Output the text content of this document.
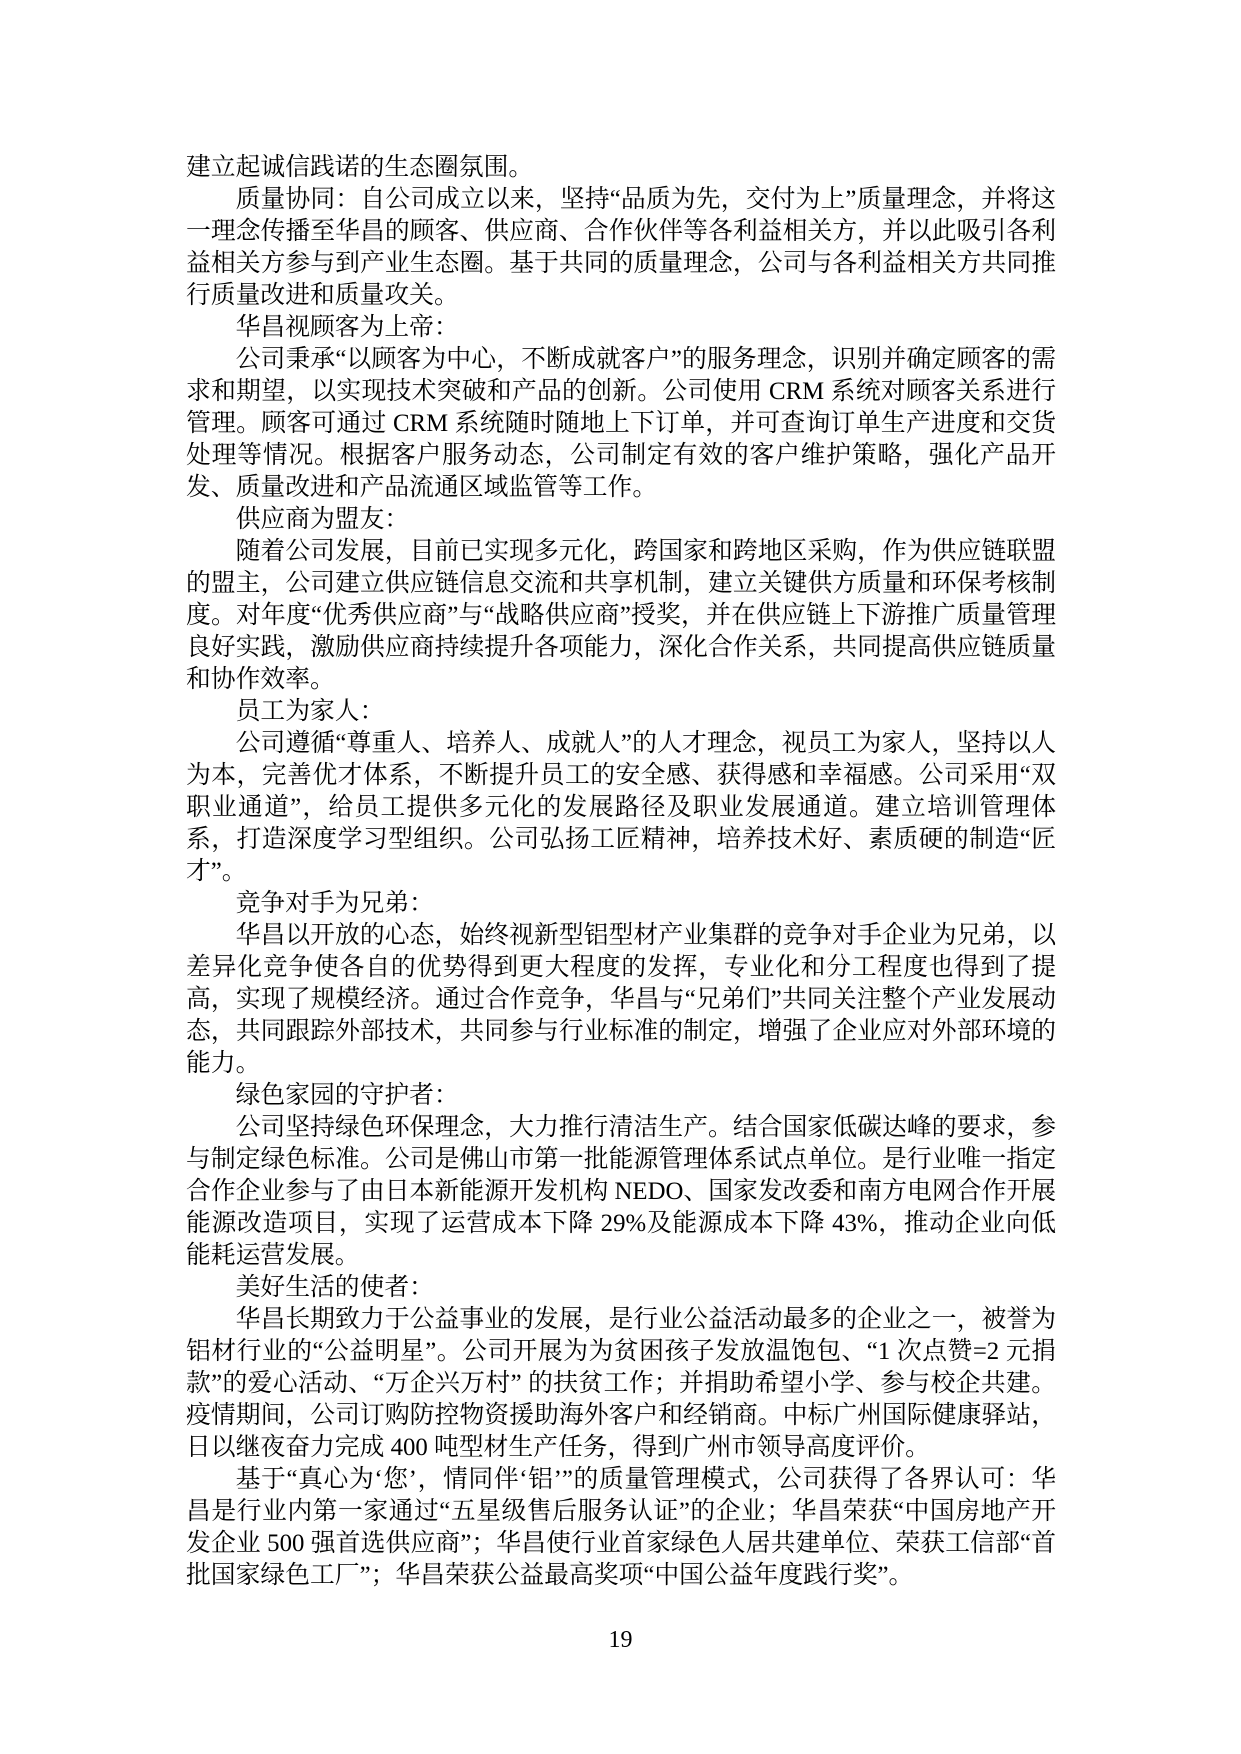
建立起诚信践诺的生态圈氛围。

质量协同：自公司成立以来，坚持“品质为先，交付为上”质量理念，并将这一理念传播至华昌的顾客、供应商、合作伙伴等各利益相关方，并以此吸引各利益相关方参与到产业生态圈。基于共同的质量理念，公司与各利益相关方共同推行质量改进和质量攻关。

华昌视顾客为上帝：

公司秉承“以顾客为中心，不断成就客户”的服务理念，识别并确定顾客的需求和期望，以实现技术突破和产品的创新。公司使用 CRM 系统对顾客关系进行管理。顾客可通过 CRM 系统随时随地上下订单，并可查询订单生产进度和交货处理等情况。根据客户服务动态，公司制定有效的客户维护策略，强化产品开发、质量改进和产品流通区域监管等工作。

供应商为盟友：

随着公司发展，目前已实现多元化，跨国家和跨地区采购，作为供应链联盟的盟主，公司建立供应链信息交流和共享机制，建立关键供方质量和环保考核制度。对年度“优秀供应商”与“战略供应商”授奖，并在供应链上下游推广质量管理良好实践，激励供应商持续提升各项能力，深化合作关系，共同提高供应链质量和协作效率。

员工为家人：

公司遵循“尊重人、培养人、成就人”的人才理念，视员工为家人，坚持以人为本，完善优才体系，不断提升员工的安全感、获得感和幸福感。公司采用“双职业通道”，给员工提供多元化的发展路径及职业发展通道。建立培训管理体系，打造深度学习型组织。公司弘扬工匠精神，培养技术好、素质硬的制造“匠才”。

竞争对手为兄弟：

华昌以开放的心态，始终视新型铝型材产业集群的竞争对手企业为兄弟，以差异化竞争使各自的优势得到更大程度的发挥，专业化和分工程度也得到了提高，实现了规模经济。通过合作竞争，华昌与“兄弟们”共同关注整个产业发展动态，共同跟踪外部技术，共同参与行业标准的制定，增强了企业应对外部环境的能力。

绿色家园的守护者：

公司坚持绿色环保理念，大力推行清洁生产。结合国家低碳达峰的要求，参与制定绿色标准。公司是佛山市第一批能源管理体系试点单位。是行业唯一指定合作企业参与了由日本新能源开发机构 NEDO、国家发改委和南方电网合作开展能源改造项目，实现了运营成本下降 29%及能源成本下降 43%，推动企业向低能耗运营发展。

美好生活的使者：

华昌长期致力于公益事业的发展，是行业公益活动最多的企业之一，被誉为铝材行业的“公益明星”。公司开展为为贫困孩子发放温饱包、“1 次点赞=2 元捐款”的爱心活动、“万企兴万村” 的扶贫工作；并捐助希望小学、参与校企共建。疫情期间，公司订购防控物资援助海外客户和经销商。中标广州国际健康驿站，日以继夜奋力完成 400 吨型材生产任务，得到广州市领导高度评价。

基于“真心为‘您’，情同伴‘铝’”的质量管理模式，公司获得了各界认可：华昌是行业内第一家通过“五星级售后服务认证”的企业；华昌荣获“中国房地产开发企业 500 强首选供应商”；华昌使行业首家绿色人居共建单位、荣获工信部“首批国家绿色工厂”；华昌荣获公益最高奖项“中国公益年度践行奖”。

19
